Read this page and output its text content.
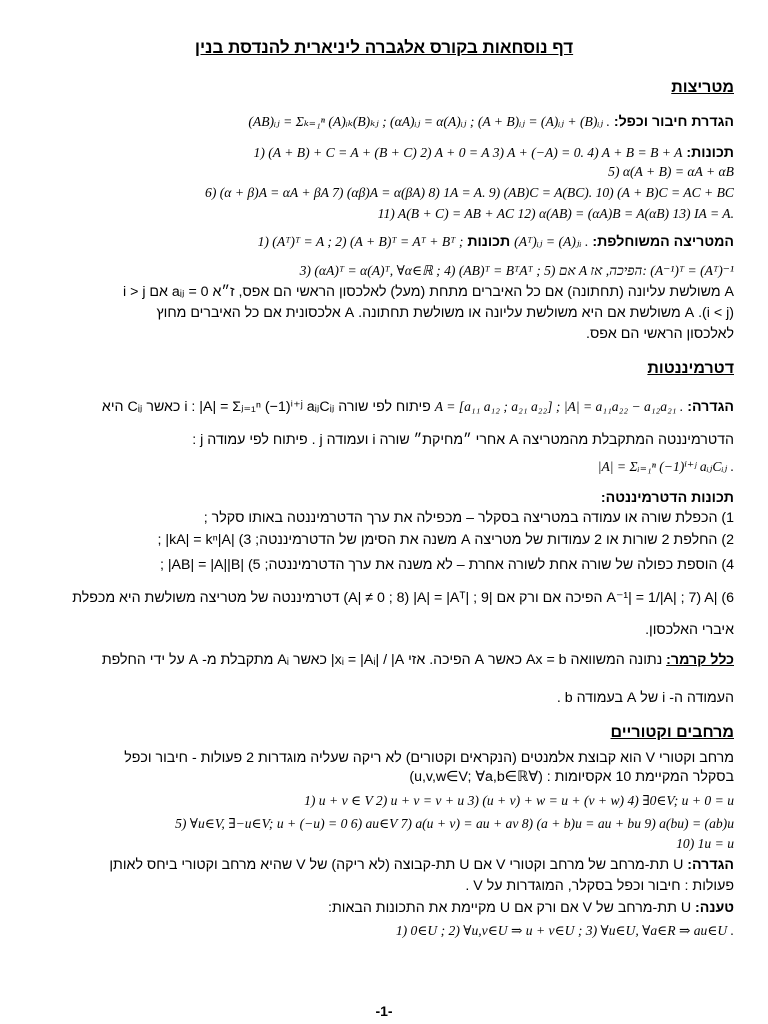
דף נוסחאות בקורס אלגברה ליניארית להנדסת בנין
מטריצות
הגדרת חיבור וכפל: (AB)ᵢⱼ = Σₖ₌₁ⁿ (A)ᵢₖ(B)ₖⱼ ; (αA)ᵢⱼ = α(A)ᵢⱼ ; (A + B)ᵢⱼ = (A)ᵢⱼ + (B)ᵢⱼ .
תכונות: 1) (A + B) + C = A + (B + C) 2) A + 0 = A 3) A + (−A) = 0. 4) A + B = B + A
5) α(A + B) = αA + αB
6) (α + β)A = αA + βA 7) (αβ)A = α(βA) 8) 1A = A. 9) (AB)C = A(BC). 10) (A + B)C = AC + BC
11) A(B + C) = AB + AC 12) α(AB) = (αA)B = A(αB) 13) IA = A.
המטריצה המשוחלפת: (Aᵀ)ᵢⱼ = (A)ⱼᵢ . תכונות 1) (Aᵀ)ᵀ = A ; 2) (A + B)ᵀ = Aᵀ + Bᵀ ;
3) (αA)ᵀ = α(A)ᵀ, ∀α∈ℝ ; 4) (AB)ᵀ = BᵀAᵀ ; 5) אם A הפיכה, אז: (A⁻¹)ᵀ = (Aᵀ)⁻¹
A משולשת עליונה (תחתונה) אם כל האיברים מתחת (מעל) לאלכסון הראשי הם אפס, ז״א aᵢⱼ = 0 אם i > j
(i < j). A משולשת אם היא משולשת עליונה או משולשת תחתונה. A אלכסונית אם כל האיברים מחוץ
לאלכסון הראשי הם אפס.
דטרמיננטות
הגדרה: A = [a₁₁ a₁₂ ; a₂₁ a₂₂] ; |A| = a₁₁a₂₂ − a₁₂a₂₁ . פיתוח לפי שורה i : |A| = Σⱼ₌₁ⁿ (−1)ⁱ⁺ʲ aᵢⱼCᵢⱼ כאשר Cᵢⱼ היא
הדטרמיננטה המתקבלת מהמטריצה A אחרי ״מחיקת״ שורה i ועמודה j . פיתוח לפי עמודה j :
|A| = Σᵢ₌₁ⁿ (−1)ⁱ⁺ʲ aᵢⱼCᵢⱼ .
תכונות הדטרמיננטה:
1) הכפלת שורה או עמודה במטריצה בסקלר – מכפילה את ערך הדטרמיננטה באותו סקלר ;
2) החלפת 2 שורות או 2 עמודות של מטריצה A משנה את הסימן של הדטרמיננטה; 3) |kA| = kⁿ|A| ;
4) הוספת כפולה של שורה אחת לשורה אחרת – לא משנה את ערך הדטרמיננטה; 5) |AB| = |A||B| ;
6) |A⁻¹| = 1/|A| ; 7) A הפיכה אם ורק אם |A| ≠ 0 ; 8) |A| = |Aᵀ| ; 9) דטרמיננטה של מטריצה משולשת היא מכפלת
איברי האלכסון.
כלל קרמר: נתונה המשוואה Ax = b כאשר A הפיכה. אזי xᵢ = |Aᵢ| / |A| כאשר Aᵢ מתקבלת מ- A על ידי החלפת
העמודה ה- i של A בעמודה b .
מרחבים וקטוריים
מרחב וקטורי V הוא קבוצת אלמנטים (הנקראים וקטורים) לא ריקה שעליה מוגדרות 2 פעולות - חיבור וכפל
בסקלר המקיימת 10 אקסיומות : (∀u,v,w∈V; ∀a,b∈ℝ)
1) u + v ∈ V 2) u + v = v + u 3) (u + v) + w = u + (v + w) 4) ∃0∈V; u + 0 = u
5) ∀u∈V, ∃−u∈V; u + (−u) = 0 6) au∈V 7) a(u + v) = au + av 8) (a + b)u = au + bu 9) a(bu) = (ab)u
10) 1u = u
הגדרה: U תת-מרחב של מרחב וקטורי V אם U תת-קבוצה (לא ריקה) של V שהיא מרחב וקטורי ביחס לאותן
פעולות : חיבור וכפל בסקלר, המוגדרות על V .
טענה: U תת-מרחב של V אם ורק אם U מקיימת את התכונות הבאות:
1) 0∈U ; 2) ∀u,v∈U ⇒ u + v∈U ; 3) ∀u∈U, ∀a∈R ⇒ au∈U .
-1-
